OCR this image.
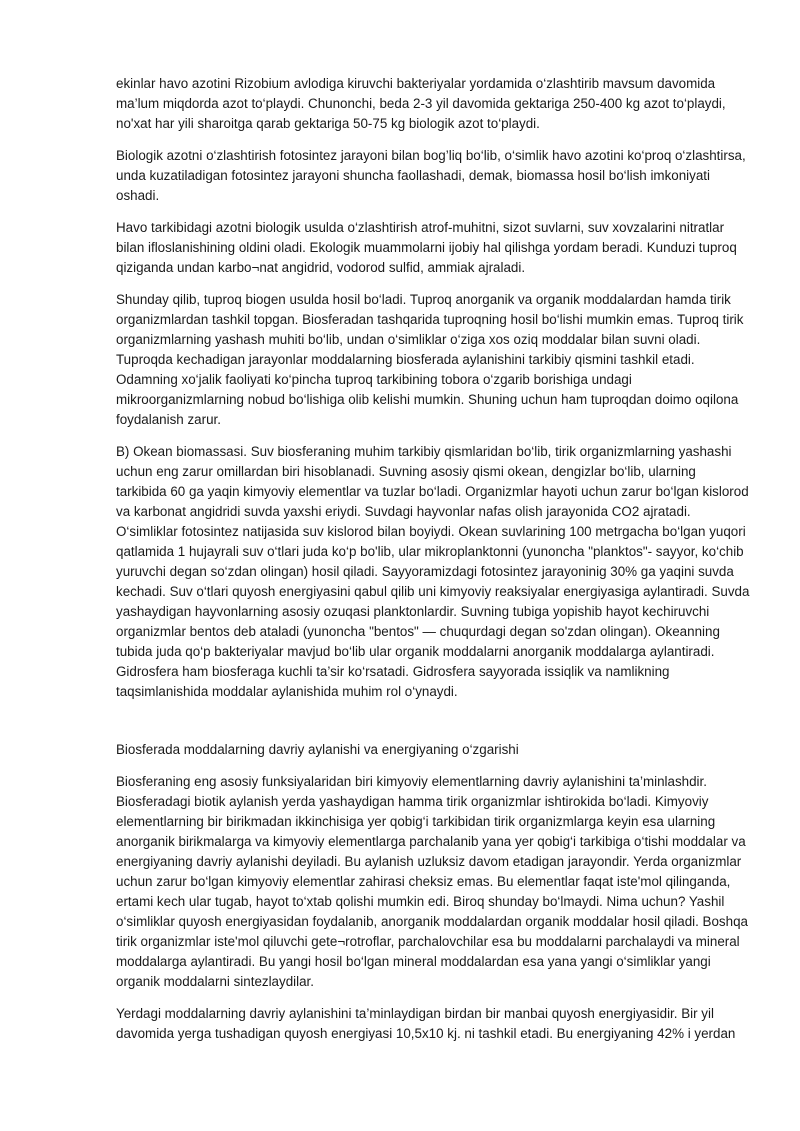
ekinlar havo azotini Rizobium avlodiga kiruvchi bakteriyalar yordamida o‘zlashtirib mavsum davomida ma’lum miqdorda azot to‘playdi. Chunonchi, beda 2-3 yil davomida gektariga 250-400 kg azot to‘playdi, no'xat har yili sharoitga qarab gektariga 50-75 kg biologik azot to‘playdi.

Biologik azotni o‘zlashtirish fotosintez jarayoni bilan bog’liq bo‘lib, o‘simlik havo azotini ko‘proq o‘zlashtirsa, unda kuzatiladigan fotosintez jarayoni shuncha faollashadi, demak, biomassa hosil bo‘lish imkoniyati oshadi.

Havo tarkibidagi azotni biologik usulda o‘zlashtirish atrof-muhitni, sizot suvlarni, suv xovzalarini nitratlar bilan ifloslanishining oldini oladi. Ekologik muammolarni ijobiy hal qilishga yordam beradi. Kunduzi tuproq qiziganda undan karbo¬nat angidrid, vodorod sulfid, ammiak ajraladi.

Shunday qilib, tuproq biogen usulda hosil bo‘ladi. Tuproq anorganik va organik moddalardan hamda tirik organizmlardan tashkil topgan. Biosferadan tashqarida tuproqning hosil bo‘lishi mumkin emas. Tuproq tirik organizmlarning yashash muhiti bo‘lib, undan o‘simliklar o‘ziga xos oziq moddalar bilan suvni oladi. Tuproqda kechadigan jarayonlar moddalarning biosferada aylanishini tarkibiy qismini tashkil etadi. Odamning xo‘jalik faoliyati ko‘pincha tuproq tarkibining tobora o‘zgarib borishiga undagi mikroorganizmlarning nobud bo‘lishiga olib kelishi mumkin. Shuning uchun ham tuproqdan doimo oqilona foydalanish zarur.

B) Okean biomassasi. Suv biosferaning muhim tarkibiy qismlaridan bo‘lib, tirik organizmlarning yashashi uchun eng zarur omillardan biri hisoblanadi. Suvning asosiy qismi okean, dengizlar bo‘lib, ularning tarkibida 60 ga yaqin kimyoviy elementlar va tuzlar bo‘ladi. Organizmlar hayoti uchun zarur bo‘lgan kislorod va karbonat angidridi suvda yaxshi eriydi. Suvdagi hayvonlar nafas olish jarayonida CO2 ajratadi. O‘simliklar fotosintez natijasida suv kislorod bilan boyiydi. Okean suvlarining 100 metrgacha bo‘lgan yuqori qatlamida 1 hujayrali suv o‘tlari juda ko‘p bo'lib, ular mikroplanktonni (yunoncha "planktos"- sayyor, ko‘chib yuruvchi degan so‘zdan olingan) hosil qiladi. Sayyoramizdagi fotosintez jarayoninig 30% ga yaqini suvda kechadi. Suv o‘tlari quyosh energiyasini qabul qilib uni kimyoviy reaksiyalar energiyasiga aylantiradi. Suvda yashaydigan hayvonlarning asosiy ozuqasi planktonlardir. Suvning tubiga yopishib hayot kechiruvchi organizmlar bentos deb ataladi (yunoncha "bentos" — chuqurdagi degan so'zdan olingan). Okeanning tubida juda qo‘p bakteriyalar mavjud bo‘lib ular organik moddalarni anorganik moddalarga aylantiradi. Gidrosfera ham biosferaga kuchli ta’sir ko‘rsatadi. Gidrosfera sayyorada issiqlik va namlikning taqsimlanishida moddalar aylanishida muhim rol o‘ynaydi.

Biosferada moddalarning davriy aylanishi va energiyaning o‘zgarishi

Biosferaning eng asosiy funksiyalaridan biri kimyoviy elementlarning davriy aylanishini ta’minlashdir. Biosferadagi biotik aylanish yerda yashaydigan hamma tirik organizmlar ishtirokida bo‘ladi. Kimyoviy elementlarning bir birikmadan ikkinchisiga yer qobig‘i tarkibidan tirik organizmlarga keyin esa ularning anorganik birikmalarga va kimyoviy elementlarga parchalanib yana yer qobig‘i tarkibiga o‘tishi moddalar va energiyaning davriy aylanishi deyiladi. Bu aylanish uzluksiz davom etadigan jarayondir. Yerda organizmlar uchun zarur bo‘lgan kimyoviy elementlar zahirasi cheksiz emas. Bu elementlar faqat iste'mol qilinganda, ertami kech ular tugab, hayot to‘xtab qolishi mumkin edi. Biroq shunday bo‘lmaydi. Nima uchun? Yashil o‘simliklar quyosh energiyasidan foydalanib, anorganik moddalardan organik moddalar hosil qiladi. Boshqa tirik organizmlar iste'mol qiluvchi gete¬rotroflar, parchalovchilar esa bu moddalarni parchalaydi va mineral moddalarga aylantiradi. Bu yangi hosil bo‘lgan mineral moddalardan esa yana yangi o‘simliklar yangi organik moddalarni sintezlaydilar.

Yerdagi moddalarning davriy aylanishini ta’minlaydigan birdan bir manbai quyosh energiyasidir. Bir yil davomida yerga tushadigan quyosh energiyasi 10,5x10 kj. ni tashkil etadi. Bu energiyaning 42% i yerdan
